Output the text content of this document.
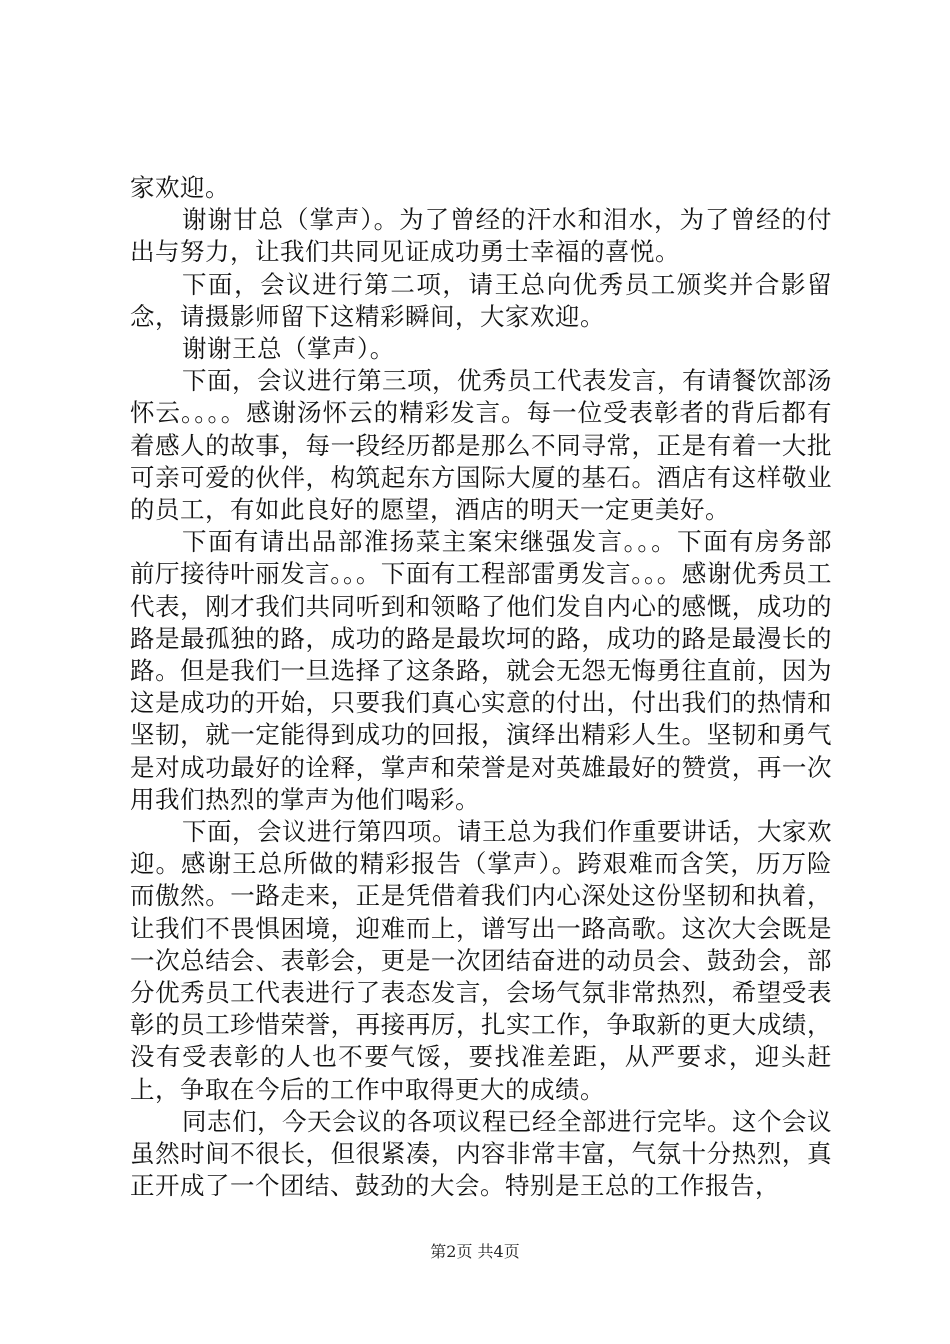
家欢迎。

谢谢甘总（掌声）。为了曾经的汗水和泪水，为了曾经的付出与努力，让我们共同见证成功勇士幸福的喜悦。

下面，会议进行第二项，请王总向优秀员工颁奖并合影留念，请摄影师留下这精彩瞬间，大家欢迎。

谢谢王总（掌声）。

下面，会议进行第三项，优秀员工代表发言，有请餐饮部汤怀云。。。。感谢汤怀云的精彩发言。每一位受表彰者的背后都有着感人的故事，每一段经历都是那么不同寻常，正是有着一大批可亲可爱的伙伴，构筑起东方国际大厦的基石。酒店有这样敬业的员工，有如此良好的愿望，酒店的明天一定更美好。

下面有请出品部淮扬菜主案宋继强发言。。。下面有房务部前厅接待叶丽发言。。。下面有工程部雷勇发言。。。感谢优秀员工代表，刚才我们共同听到和领略了他们发自内心的感慨，成功的路是最孤独的路，成功的路是最坎坷的路，成功的路是最漫长的路。但是我们一旦选择了这条路，就会无怨无悔勇往直前，因为这是成功的开始，只要我们真心实意的付出，付出我们的热情和坚韧，就一定能得到成功的回报，演绎出精彩人生。坚韧和勇气是对成功最好的诠释，掌声和荣誉是对英雄最好的赞赏，再一次用我们热烈的掌声为他们喝彩。

下面，会议进行第四项。请王总为我们作重要讲话，大家欢迎。感谢王总所做的精彩报告（掌声）。跨艰难而含笑，历万险而傲然。一路走来，正是凭借着我们内心深处这份坚韧和执着，让我们不畏惧困境，迎难而上，谱写出一路高歌。这次大会既是一次总结会、表彰会，更是一次团结奋进的动员会、鼓劲会，部分优秀员工代表进行了表态发言，会场气氛非常热烈，希望受表彰的员工珍惜荣誉，再接再厉，扎实工作，争取新的更大成绩，没有受表彰的人也不要气馁，要找准差距，从严要求，迎头赶上，争取在今后的工作中取得更大的成绩。

同志们，今天会议的各项议程已经全部进行完毕。这个会议虽然时间不很长，但很紧凑，内容非常丰富，气氛十分热烈，真正开成了一个团结、鼓劲的大会。特别是王总的工作报告，

第2页 共4页
